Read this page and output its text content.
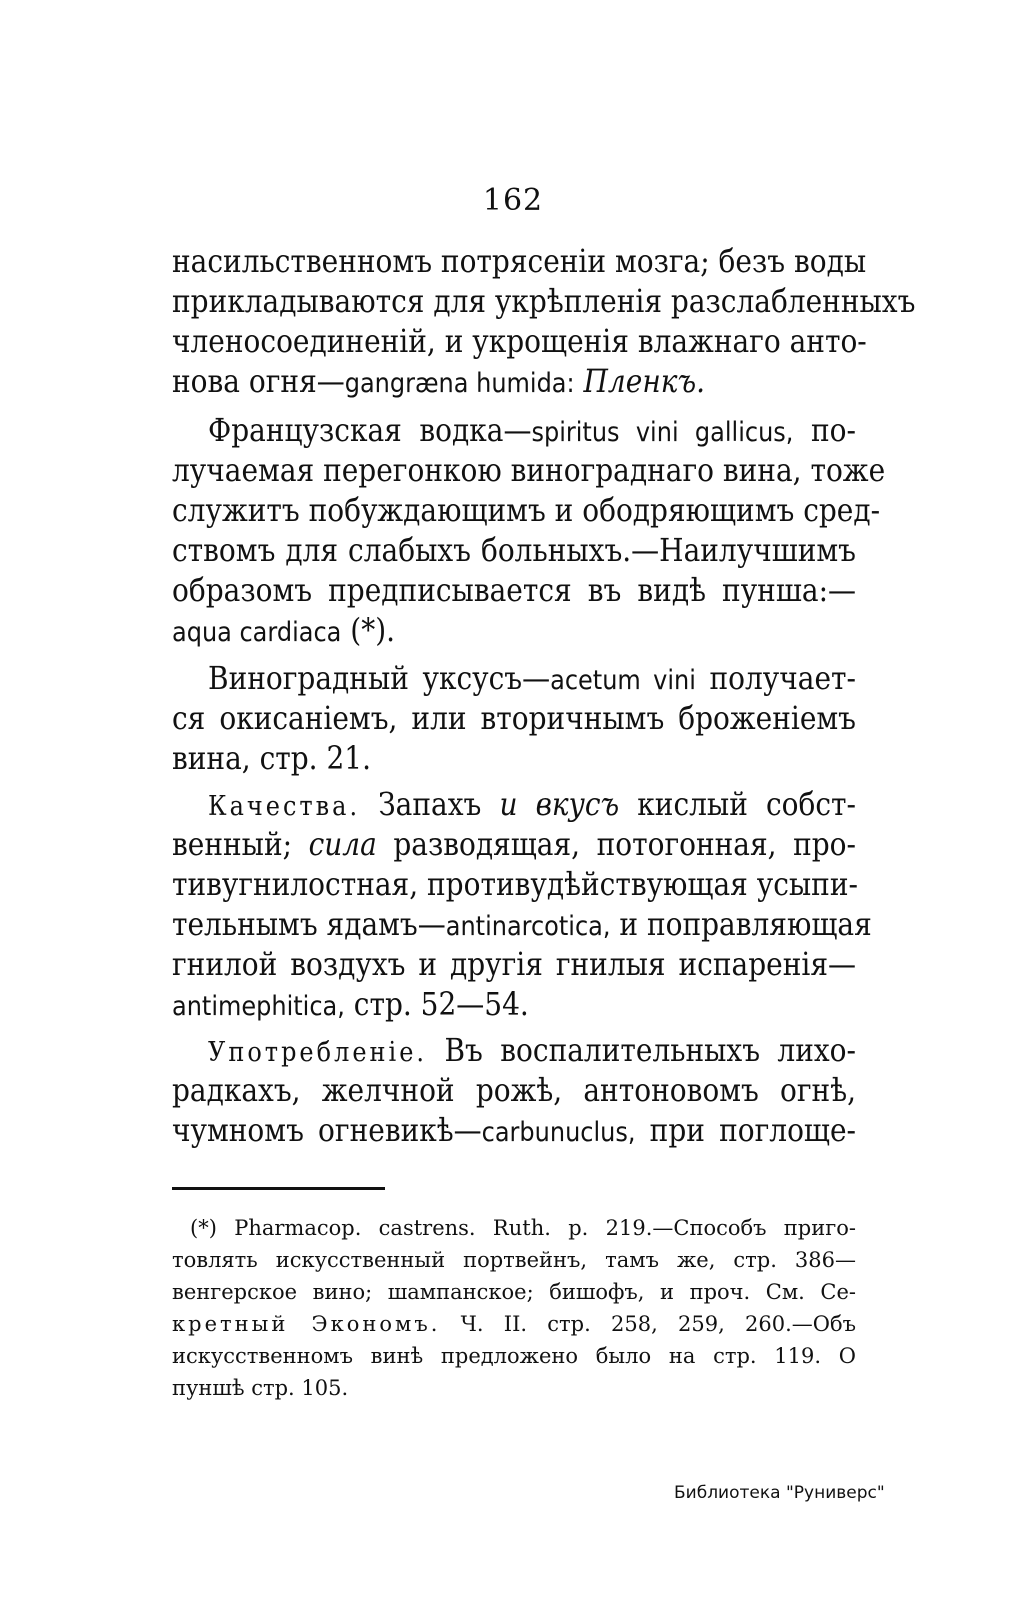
162
насильственномъ потрясеніи мозга; безъ воды
прикладываются для укрѣпленія разслабленныхъ
членосоединеній, и укрощенія влажнаго анто-
нова огня—gangræna humida: Пленкъ.
Французская водка—spiritus vini gallicus, по-
лучаемая перегонкою винограднаго вина, тоже
служитъ побуждающимъ и ободряющимъ сред-
ствомъ для слабыхъ больныхъ.—Наилучшимъ
образомъ предписывается въ видѣ пунша:—
aqua cardiaca (*).
Виноградный уксусъ—acetum vini получает-
ся окисаніемъ, или вторичнымъ броженіемъ
вина, стр. 21.
Качества. Запахъ и вкусъ кислый собст-
венный; сила разводящая, потогонная, про-
тивугнилостная, противудѣйствующая усыпи-
тельнымъ ядамъ—antinarcotica, и поправляющая
гнилой воздухъ и другія гнилыя испаренія—
antimephitica, стр. 52—54.
Употребленіе. Въ воспалительныхъ лихо-
радкахъ, желчной рожѣ, антоновомъ огнѣ,
чумномъ огневикѣ—carbunuclus, при поглоще-
(*) Pharmacop. castrens. Ruth. p. 219.—Способъ приго-
товлять искусственный портвейнъ, тамъ же, стр. 386—
венгерское вино; шампанское; бишофъ, и проч. См. Се-
кретный Экономъ. Ч. II. стр. 258, 259, 260.—Объ
искусственномъ винѣ предложено было на стр. 119. О
пуншѣ стр. 105.
Библиотека "Руниверс"
